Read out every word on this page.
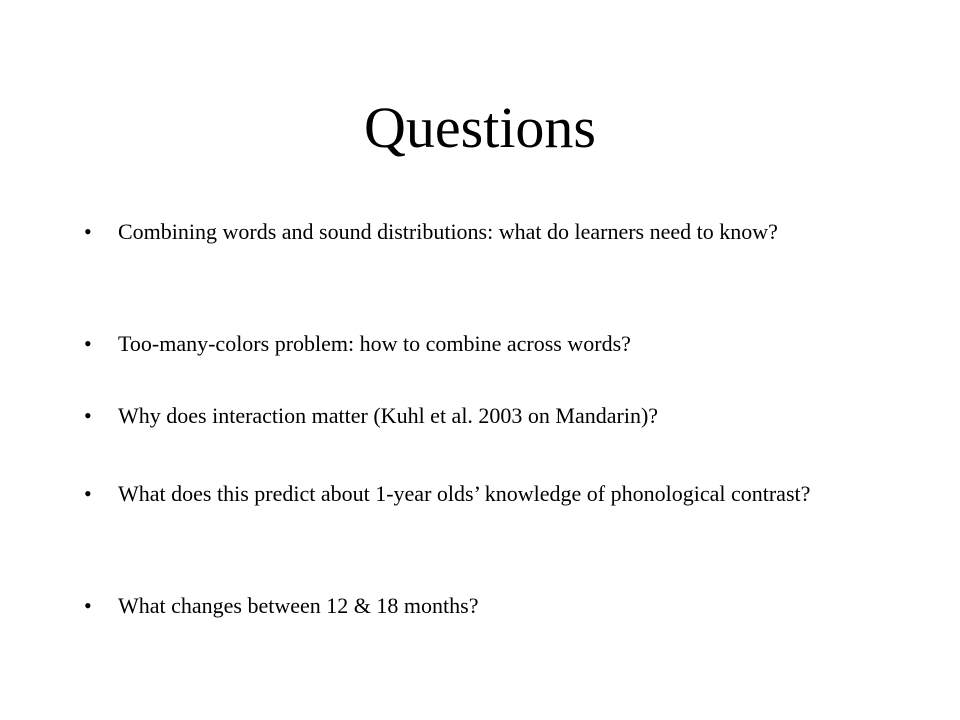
Questions
• Combining words and sound distributions: what do learners need to know?
• Too-many-colors problem: how to combine across words?
• Why does interaction matter (Kuhl et al. 2003 on Mandarin)?
• What does this predict about 1-year olds’ knowledge of phonological contrast?
• What changes between 12 & 18 months?
